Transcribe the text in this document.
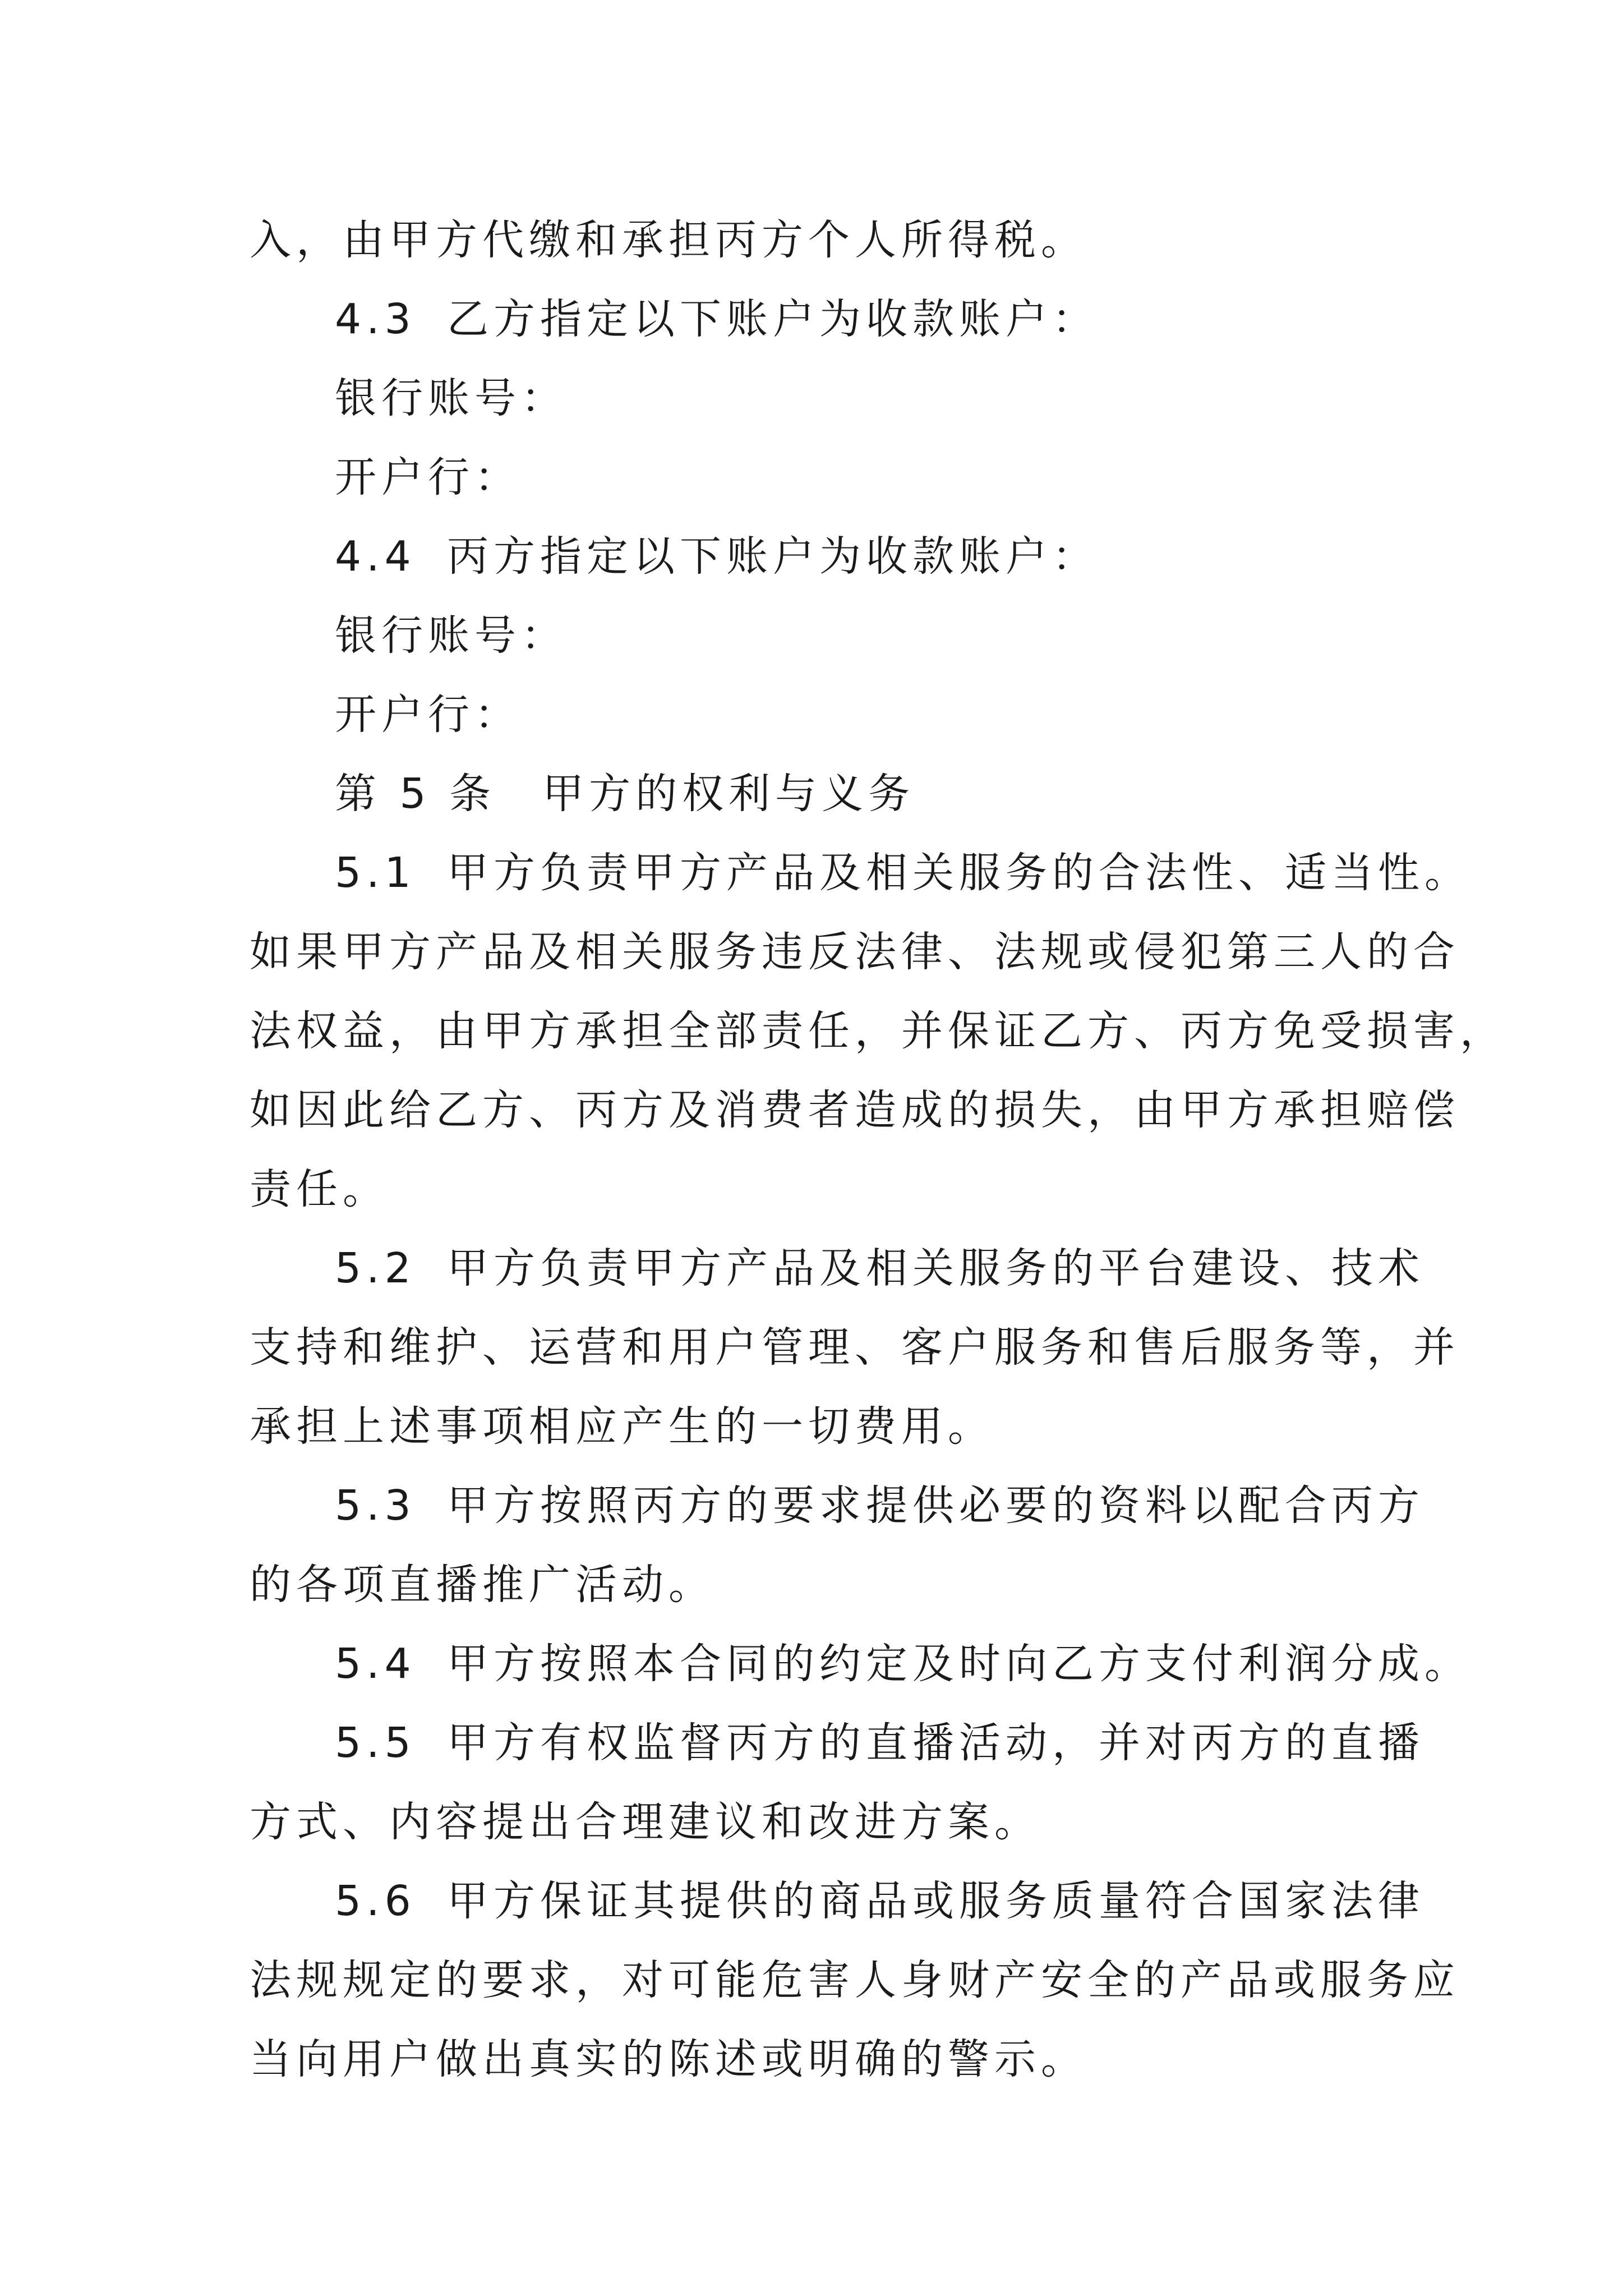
入，由甲方代缴和承担丙方个人所得税。
4.3 乙方指定以下账户为收款账户：
银行账号：
开户行：
4.4 丙方指定以下账户为收款账户：
银行账号：
开户行：
第 5 条　甲方的权利与义务
5.1 甲方负责甲方产品及相关服务的合法性、适当性。
如果甲方产品及相关服务违反法律、法规或侵犯第三人的合
法权益，由甲方承担全部责任，并保证乙方、丙方免受损害，
如因此给乙方、丙方及消费者造成的损失，由甲方承担赔偿
责任。
5.2 甲方负责甲方产品及相关服务的平台建设、技术
支持和维护、运营和用户管理、客户服务和售后服务等，并
承担上述事项相应产生的一切费用。
5.3 甲方按照丙方的要求提供必要的资料以配合丙方
的各项直播推广活动。
5.4 甲方按照本合同的约定及时向乙方支付利润分成。
5.5 甲方有权监督丙方的直播活动，并对丙方的直播
方式、内容提出合理建议和改进方案。
5.6 甲方保证其提供的商品或服务质量符合国家法律
法规规定的要求，对可能危害人身财产安全的产品或服务应
当向用户做出真实的陈述或明确的警示。
